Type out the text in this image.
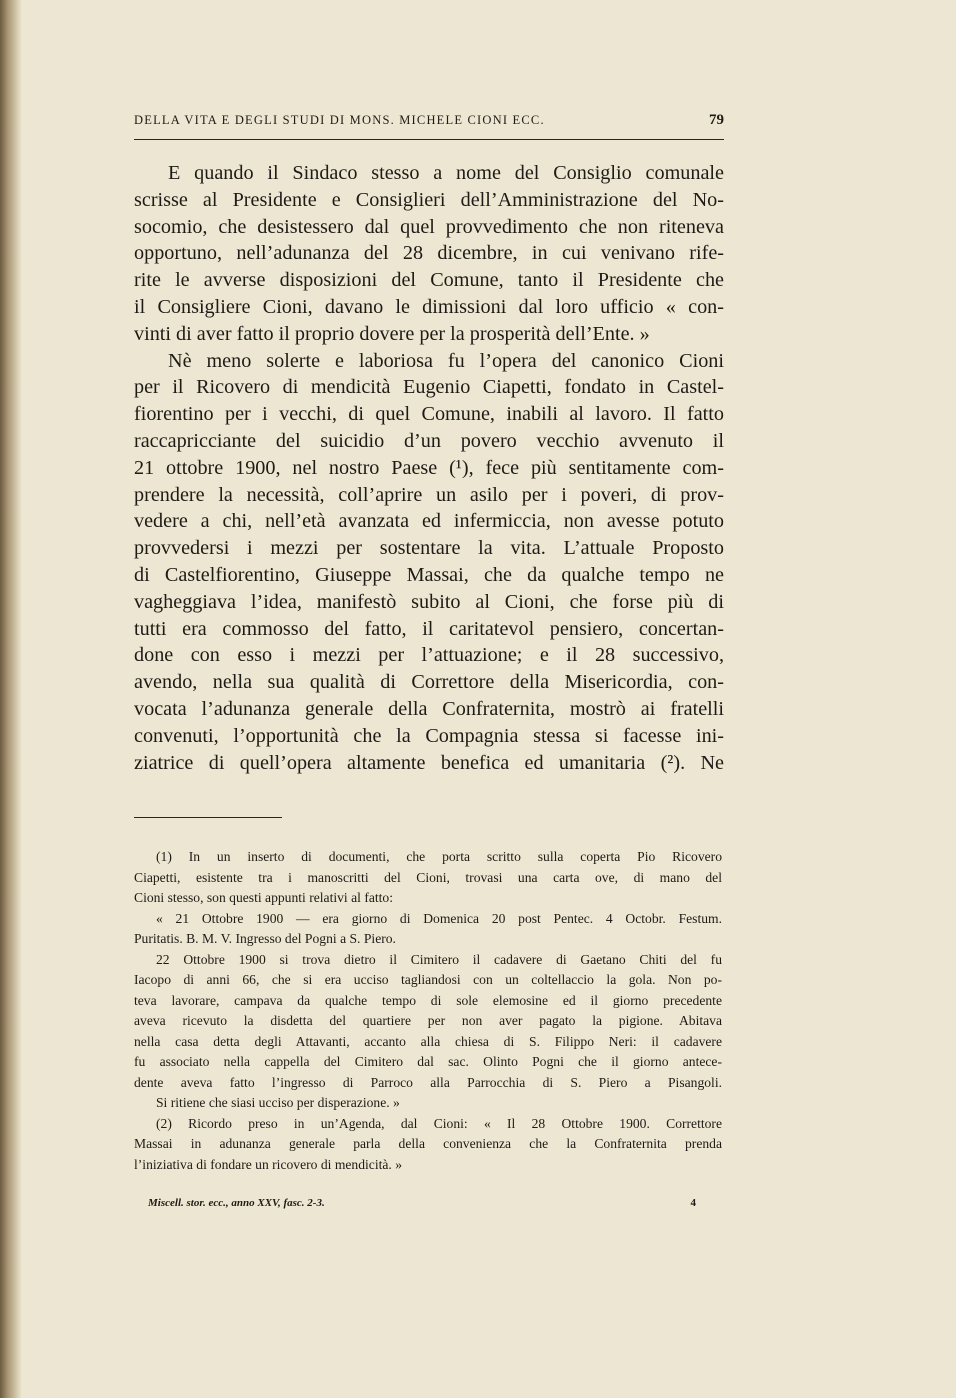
DELLA VITA E DEGLI STUDI DI MONS. MICHELE CIONI ECC.	79
E quando il Sindaco stesso a nome del Consiglio comunale
scrisse al Presidente e Consiglieri dell’Amministrazione del No-
socomio, che desistessero dal quel provvedimento che non riteneva
opportuno, nell’adunanza del 28 dicembre, in cui venivano rife-
rite le avverse disposizioni del Comune, tanto il Presidente che
il Consigliere Cioni, davano le dimissioni dal loro ufficio « con-
vinti di aver fatto il proprio dovere per la prosperità dell’Ente. »
Nè meno solerte e laboriosa fu l’opera del canonico Cioni
per il Ricovero di mendicità Eugenio Ciapetti, fondato in Castel-
fiorentino per i vecchi, di quel Comune, inabili al lavoro. Il fatto
raccapricciante del suicidio d’un povero vecchio avvenuto il
21 ottobre 1900, nel nostro Paese (¹), fece più sentitamente com-
prendere la necessità, coll’aprire un asilo per i poveri, di prov-
vedere a chi, nell’età avanzata ed infermiccia, non avesse potuto
provvedersi i mezzi per sostentare la vita. L’attuale Proposto
di Castelfiorentino, Giuseppe Massai, che da qualche tempo ne
vagheggiava l’idea, manifestò subito al Cioni, che forse più di
tutti era commosso del fatto, il caritatevol pensiero, concertan-
done con esso i mezzi per l’attuazione; e il 28 successivo,
avendo, nella sua qualità di Correttore della Misericordia, con-
vocata l’adunanza generale della Confraternita, mostrò ai fratelli
convenuti, l’opportunità che la Compagnia stessa si facesse ini-
ziatrice di quell’opera altamente benefica ed umanitaria (²). Ne
(1) In un inserto di documenti, che porta scritto sulla coperta Pio Ricovero
Ciapetti, esistente tra i manoscritti del Cioni, trovasi una carta ove, di mano del
Cioni stesso, son questi appunti relativi al fatto:
« 21 Ottobre 1900 — era giorno di Domenica 20 post Pentec. 4 Octobr. Festum.
Puritatis. B. M. V. Ingresso del Pogni a S. Piero.
22 Ottobre 1900 si trova dietro il Cimitero il cadavere di Gaetano Chiti del fu
Iacopo di anni 66, che si era ucciso tagliandosi con un coltellaccio la gola. Non po-
teva lavorare, campava da qualche tempo di sole elemosine ed il giorno precedente
aveva ricevuto la disdetta del quartiere per non aver pagato la pigione. Abitava
nella casa detta degli Attavanti, accanto alla chiesa di S. Filippo Neri: il cadavere
fu associato nella cappella del Cimitero dal sac. Olinto Pogni che il giorno antece-
dente aveva fatto l’ingresso di Parroco alla Parrocchia di S. Piero a Pisangoli.
Si ritiene che siasi ucciso per disperazione. »
(2) Ricordo preso in un’Agenda, dal Cioni: « Il 28 Ottobre 1900. Correttore
Massai in adunanza generale parla della convenienza che la Confraternita prenda
l’iniziativa di fondare un ricovero di mendicità. »
Miscell. stor. ecc., anno XXV, fasc. 2-3.	4
